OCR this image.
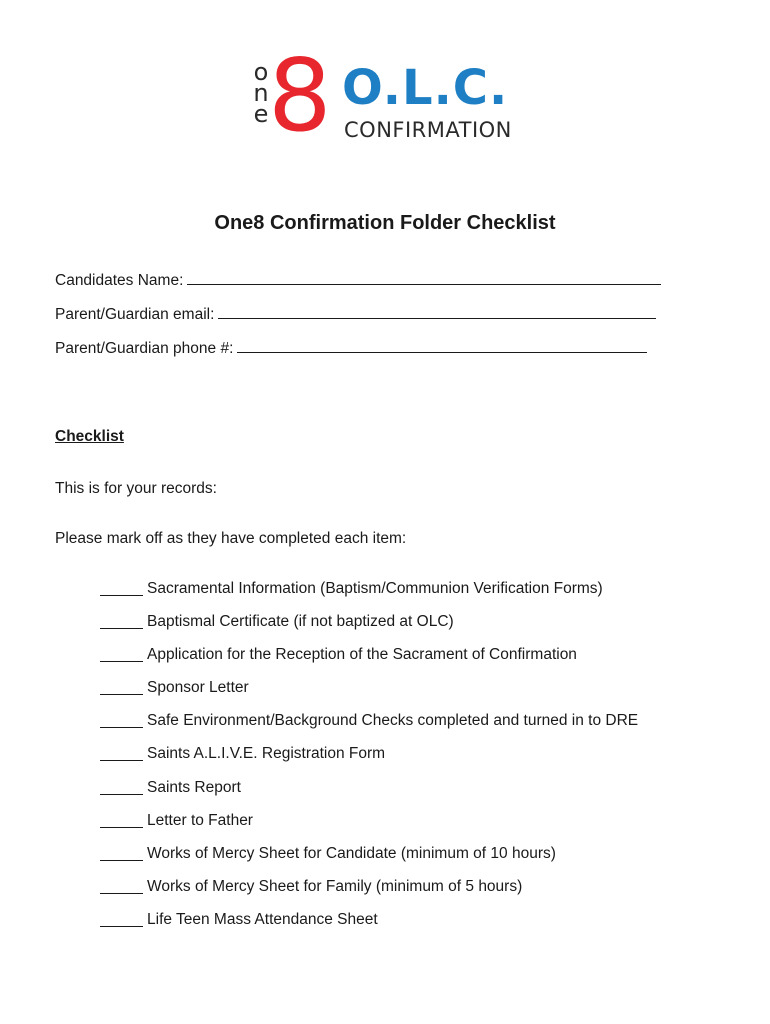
o
n
e 8 O.L.C.
CONFIRMATION
One8 Confirmation Folder Checklist
Candidates Name:
Parent/Guardian email:
Parent/Guardian phone #:
Checklist
This is for your records:
Please mark off as they have completed each item:
Sacramental Information (Baptism/Communion Verification Forms)
Baptismal Certificate (if not baptized at OLC)
Application for the Reception of the Sacrament of Confirmation
Sponsor Letter
Safe Environment/Background Checks completed and turned in to DRE
Saints A.L.I.V.E. Registration Form
Saints Report
Letter to Father
Works of Mercy Sheet for Candidate (minimum of 10 hours)
Works of Mercy Sheet for Family (minimum of 5 hours)
Life Teen Mass Attendance Sheet
